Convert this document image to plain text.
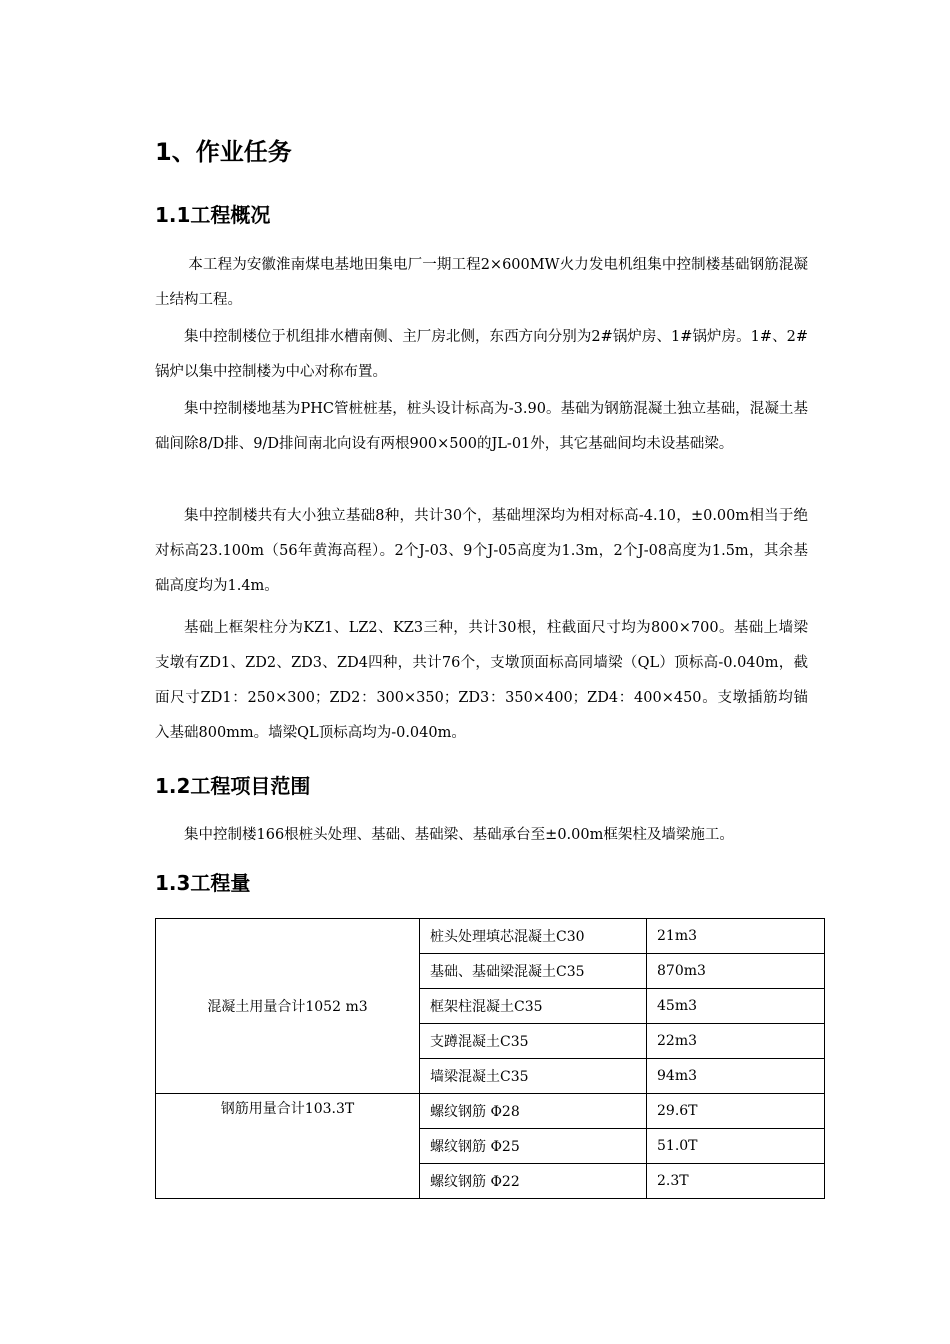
1、作业任务
1.1工程概况

本工程为安徽淮南煤电基地田集电厂一期工程2×600MW火力发电机组集中控制楼基础钢筋混凝土结构工程。

集中控制楼位于机组排水槽南侧、主厂房北侧，东西方向分别为2#锅炉房、1#锅炉房。1#、2#锅炉以集中控制楼为中心对称布置。

集中控制楼地基为PHC管桩桩基，桩头设计标高为-3.90。基础为钢筋混凝土独立基础，混凝土基础间除8/D排、9/D排间南北向设有两根900×500的JL-01外，其它基础间均未设基础梁。

集中控制楼共有大小独立基础8种，共计30个，基础埋深均为相对标高-4.10，±0.00m相当于绝对标高23.100m（56年黄海高程）。2个J-03、9个J-05高度为1.3m，2个J-08高度为1.5m，其余基础高度均为1.4m。

基础上框架柱分为KZ1、LZ2、KZ3三种，共计30根，柱截面尺寸均为800×700。基础上墙梁支墩有ZD1、ZD2、ZD3、ZD4四种，共计76个，支墩顶面标高同墙梁（QL）顶标高-0.040m，截面尺寸ZD1：250×300；ZD2：300×350；ZD3：350×400；ZD4：400×450。支墩插筋均锚入基础800mm。墙梁QL顶标高均为-0.040m。

1.2工程项目范围

集中控制楼166根桩头处理、基础、基础梁、基础承台至±0.00m框架柱及墙梁施工。

1.3工程量
混凝土用量合计1052 m3	桩头处理填芯混凝土C30	21m3
	基础、基础梁混凝土C35	870m3
	框架柱混凝土C35	45m3
	支蹲混凝土C35	22m3
	墙梁混凝土C35	94m3
钢筋用量合计103.3T	螺纹钢筋 Φ28	29.6T
	螺纹钢筋 Φ25	51.0T
	螺纹钢筋 Φ22	2.3T
